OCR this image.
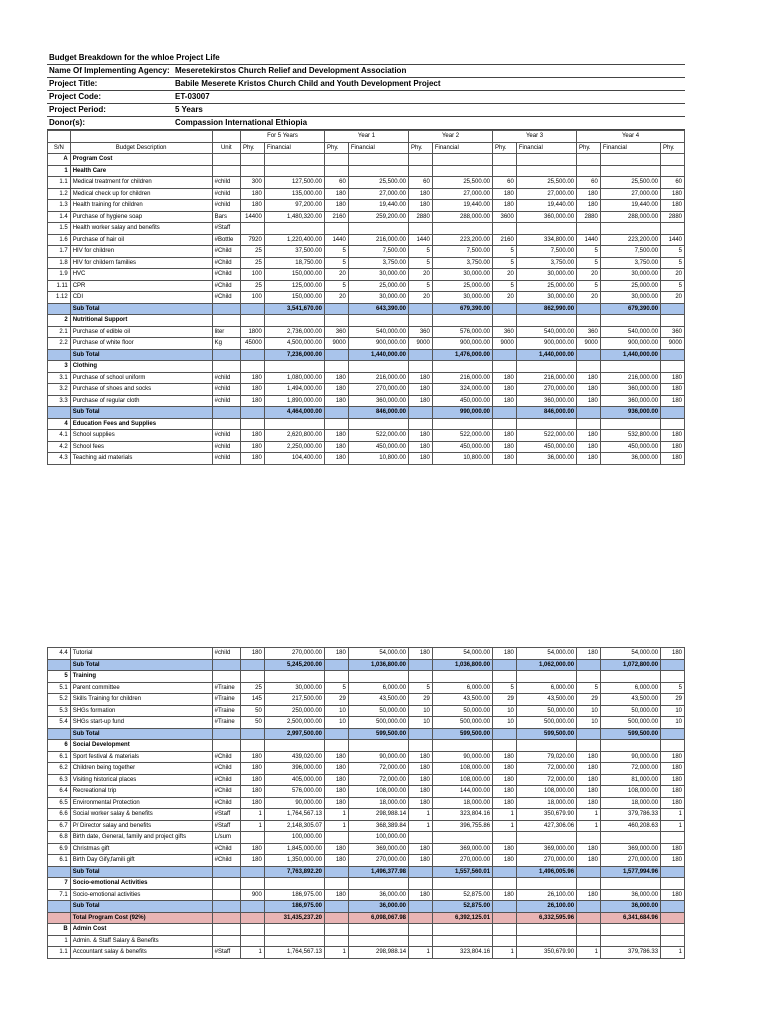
Budget Breakdown for the whloe Project Life
Name Of Implementing Agency: Meseretekirstos Church Relief and Development Association
Project Title:	Babile Meserete Kristos Church Child and Youth Development Project
Project Code:	ET-03007
Project Period:	5 Years
Donor(s):	Compassion International Ethiopia
			For 5 Years		Year 1		Year 2		Year 3		Year 4		
S/N	Budget Description	Unit	Phy.	Financial	Phy.	Financial	Phy.	Financial	Phy.	Financial	Phy.	Financial	Phy.
A	Program Cost												
1	Health Care												
1.1	Medical treatment for children	#child	300	127,500.00	60	25,500.00	60	25,500.00	60	25,500.00	60	25,500.00	60
1.2	Medical check up for children	#child	180	135,000.00	180	27,000.00	180	27,000.00	180	27,000.00	180	27,000.00	180
1.3	Health training for children	#child	180	97,200.00	180	19,440.00	180	19,440.00	180	19,440.00	180	19,440.00	180
1.4	Purchase of hygiene soap	Bars	14400	1,480,320.00	2160	259,200.00	2880	288,000.00	3600	360,000.00	2880	288,000.00	2880
1.5	Health worker salay and benefits	#Staff											
1.6	Purchase of hair oil	#Bottle	7920	1,220,400.00	1440	216,000.00	1440	223,200.00	2160	334,800.00	1440	223,200.00	1440
1.7	HIV for children	#Child	25	37,500.00	5	7,500.00	5	7,500.00	5	7,500.00	5	7,500.00	5
1.8	HIV for childern families	#Child	25	18,750.00	5	3,750.00	5	3,750.00	5	3,750.00	5	3,750.00	5
1.9	HVC	#Child	100	150,000.00	20	30,000.00	20	30,000.00	20	30,000.00	20	30,000.00	20
1.11	CPR	#Child	25	125,000.00	5	25,000.00	5	25,000.00	5	25,000.00	5	25,000.00	5
1.12	CDI	#Child	100	150,000.00	20	30,000.00	20	30,000.00	20	30,000.00	20	30,000.00	20
	Sub Total			3,541,670.00		643,390.00		679,390.00		862,990.00		679,390.00	
2	Nutritional Support												
2.1	Purchase of edible oil	liter	1800	2,736,000.00	360	540,000.00	360	576,000.00	360	540,000.00	360	540,000.00	360
2.2	Purchase of white floor	Kg	45000	4,500,000.00	9000	900,000.00	9000	900,000.00	9000	900,000.00	9000	900,000.00	9000
	Sub Total			7,236,000.00		1,440,000.00		1,476,000.00		1,440,000.00		1,440,000.00	
3	Clothing												
3.1	Purchase of school uniform	#child	180	1,080,000.00	180	216,000.00	180	216,000.00	180	216,000.00	180	216,000.00	180
3.2	Purchase of shoes and socks	#child	180	1,494,000.00	180	270,000.00	180	324,000.00	180	270,000.00	180	360,000.00	180
3.3	Purchase of regular cloth	#child	180	1,890,000.00	180	360,000.00	180	450,000.00	180	360,000.00	180	360,000.00	180
	Sub Total			4,464,000.00		846,000.00		990,000.00		846,000.00		936,000.00	
4	Education Fees and Supplies												
4.1	School supplies	#child	180	2,620,800.00	180	522,000.00	180	522,000.00	180	522,000.00	180	532,800.00	180
4.2	School fees	#child	180	2,250,000.00	180	450,000.00	180	450,000.00	180	450,000.00	180	450,000.00	180
4.3	Teaching aid materials	#child	180	104,400.00	180	10,800.00	180	10,800.00	180	36,000.00	180	36,000.00	180
4.4	Tutorial	#child	180	270,000.00	180	54,000.00	180	54,000.00	180	54,000.00	180	54,000.00	180
	Sub Total			5,245,200.00		1,036,800.00		1,036,800.00		1,062,000.00		1,072,800.00	
5	Training												
5.1	Parent committee	#Traine	25	30,000.00	5	6,000.00	5	6,000.00	5	6,000.00	5	6,000.00	5
5.2	Skills Training for children	#Traine	145	217,500.00	29	43,500.00	29	43,500.00	29	43,500.00	29	43,500.00	29
5.3	SHGs formation	#Traine	50	250,000.00	10	50,000.00	10	50,000.00	10	50,000.00	10	50,000.00	10
5.4	SHGs start-up fund	#Traine	50	2,500,000.00	10	500,000.00	10	500,000.00	10	500,000.00	10	500,000.00	10
	Sub Total			2,997,500.00		599,500.00		599,500.00		599,500.00		599,500.00	
6	Social Development												
6.1	Sport festival & materials	#Child	180	439,020.00	180	90,000.00	180	90,000.00	180	79,020.00	180	90,000.00	180
6.2	Children being together	#Child	180	396,000.00	180	72,000.00	180	108,000.00	180	72,000.00	180	72,000.00	180
6.3	Visiting historical places	#Child	180	405,000.00	180	72,000.00	180	108,000.00	180	72,000.00	180	81,000.00	180
6.4	Recreational trip	#Child	180	576,000.00	180	108,000.00	180	144,000.00	180	108,000.00	180	108,000.00	180
6.5	Environmental Protection	#Child	180	90,000.00	180	18,000.00	180	18,000.00	180	18,000.00	180	18,000.00	180
6.6	Social worker salay & benefits	#Staff	1	1,764,567.13	1	298,988.14	1	323,804.16	1	350,679.90	1	379,786.33	1
6.7	P/ Director salay and benefits	#Staff	1	2,148,305.07	1	368,389.84	1	396,755.86	1	427,306.06	1	460,208.63	1
6.8	Birth date, General, family and project gifts	L/sum		100,000.00		100,000.00							
6.9	Christmas gift	#Child	180	1,845,000.00	180	369,000.00	180	369,000.00	180	369,000.00	180	369,000.00	180
6.1	Birth Day Gify,famili gift	#Child	180	1,350,000.00	180	270,000.00	180	270,000.00	180	270,000.00	180	270,000.00	180
	Sub Total			7,763,892.20		1,496,377.98		1,557,560.01		1,496,005.96		1,577,994.96	
7	Socio-emotional Activities												
7.1	Socio-emotional activities		900	186,975.00	180	36,000.00	180	52,875.00	180	26,100.00	180	36,000.00	180
	Sub Total			186,975.00		36,000.00		52,875.00		26,100.00		36,000.00	
	Total Program Cost (92%)			31,435,237.20		6,098,067.98		6,392,125.01		6,332,595.96		6,341,684.96	
B	Admin Cost												
1	Admin. & Staff Salary & Benefits												
1.1	Accountant salay & benefits	#Staff	1	1,764,567.13	1	298,988.14	1	323,804.16	1	350,679.90	1	379,786.33	1
